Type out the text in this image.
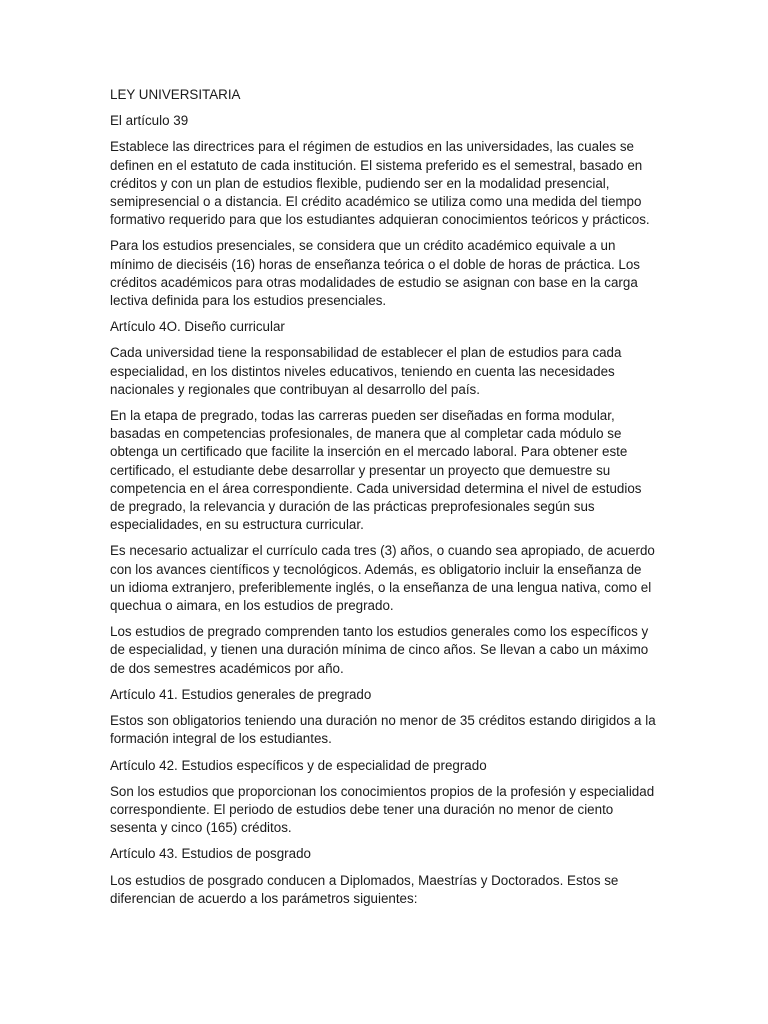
LEY UNIVERSITARIA

El artículo 39

Establece las directrices para el régimen de estudios en las universidades, las cuales se definen en el estatuto de cada institución. El sistema preferido es el semestral, basado en créditos y con un plan de estudios flexible, pudiendo ser en la modalidad presencial, semipresencial o a distancia. El crédito académico se utiliza como una medida del tiempo formativo requerido para que los estudiantes adquieran conocimientos teóricos y prácticos.

Para los estudios presenciales, se considera que un crédito académico equivale a un mínimo de dieciséis (16) horas de enseñanza teórica o el doble de horas de práctica. Los créditos académicos para otras modalidades de estudio se asignan con base en la carga lectiva definida para los estudios presenciales.

Artículo 4O. Diseño curricular

Cada universidad tiene la responsabilidad de establecer el plan de estudios para cada especialidad, en los distintos niveles educativos, teniendo en cuenta las necesidades nacionales y regionales que contribuyan al desarrollo del país.

En la etapa de pregrado, todas las carreras pueden ser diseñadas en forma modular, basadas en competencias profesionales, de manera que al completar cada módulo se obtenga un certificado que facilite la inserción en el mercado laboral. Para obtener este certificado, el estudiante debe desarrollar y presentar un proyecto que demuestre su competencia en el área correspondiente. Cada universidad determina el nivel de estudios de pregrado, la relevancia y duración de las prácticas preprofesionales según sus especialidades, en su estructura curricular.

Es necesario actualizar el currículo cada tres (3) años, o cuando sea apropiado, de acuerdo con los avances científicos y tecnológicos. Además, es obligatorio incluir la enseñanza de un idioma extranjero, preferiblemente inglés, o la enseñanza de una lengua nativa, como el quechua o aimara, en los estudios de pregrado.

Los estudios de pregrado comprenden tanto los estudios generales como los específicos y de especialidad, y tienen una duración mínima de cinco años. Se llevan a cabo un máximo de dos semestres académicos por año.

Artículo 41. Estudios generales de pregrado

Estos son obligatorios teniendo una duración no menor de 35 créditos estando dirigidos a la formación integral de los estudiantes.

Artículo 42. Estudios específicos y de especialidad de pregrado

Son los estudios que proporcionan los conocimientos propios de la profesión y especialidad correspondiente. El periodo de estudios debe tener una duración no menor de ciento sesenta y cinco (165) créditos.

Artículo 43. Estudios de posgrado

Los estudios de posgrado conducen a Diplomados, Maestrías y Doctorados. Estos se diferencian de acuerdo a los parámetros siguientes:
